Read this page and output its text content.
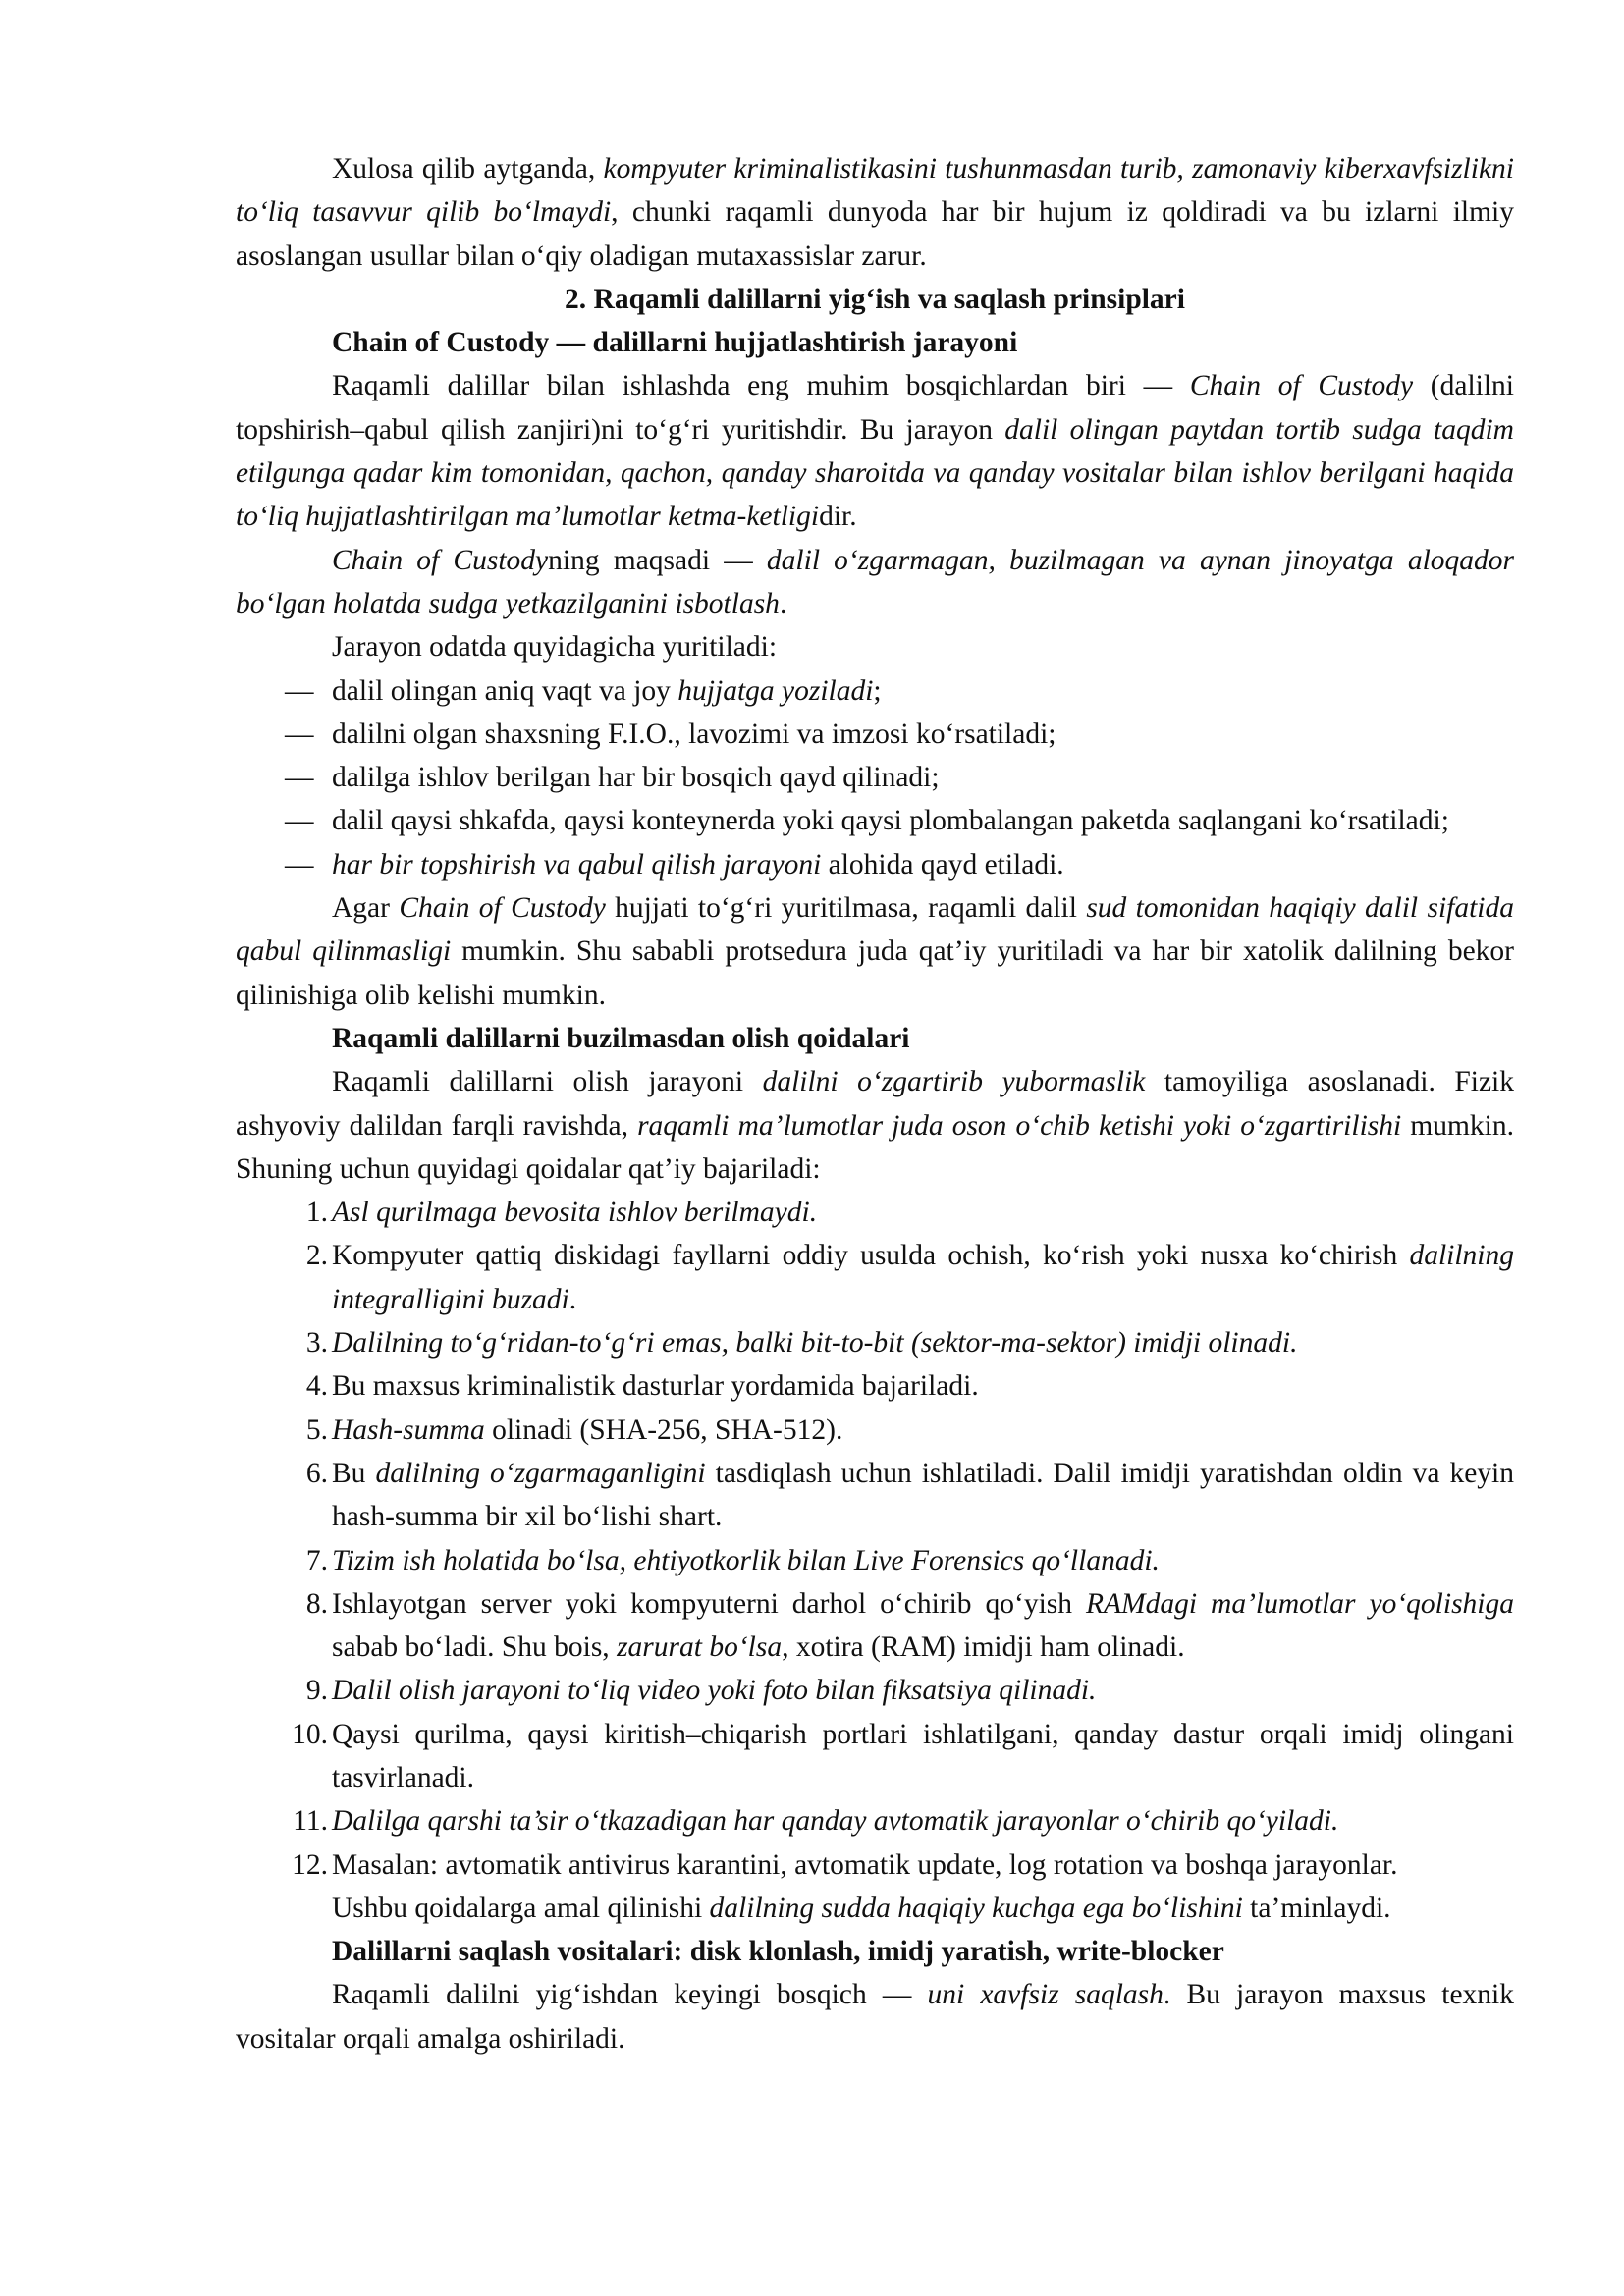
Xulosa qilib aytganda, kompyuter kriminalistikasini tushunmasdan turib, zamonaviy kiberxavfsizlikni to‘liq tasavvur qilib bo‘lmaydi, chunki raqamli dunyoda har bir hujum iz qoldiradi va bu izlarni ilmiy asoslangan usullar bilan o‘qiy oladigan mutaxassislar zarur.

2. Raqamli dalillarni yig‘ish va saqlash prinsiplari

Chain of Custody — dalillarni hujjatlashtirish jarayoni

Raqamli dalillar bilan ishlashda eng muhim bosqichlardan biri — Chain of Custody (dalilni topshirish–qabul qilish zanjiri)ni to‘g‘ri yuritishdir. Bu jarayon dalil olingan paytdan tortib sudga taqdim etilgunga qadar kim tomonidan, qachon, qanday sharoitda va qanday vositalar bilan ishlov berilgani haqida to‘liq hujjatlashtirilgan ma’lumotlar ketma-ketligidir.

Chain of Custodyning maqsadi — dalil o‘zgarmagan, buzilmagan va aynan jinoyatga aloqador bo‘lgan holatda sudga yetkazilganini isbotlash.

Jarayon odatda quyidagicha yuritiladi:

— dalil olingan aniq vaqt va joy hujjatga yoziladi;

— dalilni olgan shaxsning F.I.O., lavozimi va imzosi ko‘rsatiladi;

— dalilga ishlov berilgan har bir bosqich qayd qilinadi;

— dalil qaysi shkafda, qaysi konteynerda yoki qaysi plombalangan paketda saqlangani ko‘rsatiladi;

— har bir topshirish va qabul qilish jarayoni alohida qayd etiladi.

Agar Chain of Custody hujjati to‘g‘ri yuritilmasa, raqamli dalil sud tomonidan haqiqiy dalil sifatida qabul qilinmasligi mumkin. Shu sababli protsedura juda qat’iy yuritiladi va har bir xatolik dalilning bekor qilinishiga olib kelishi mumkin.

Raqamli dalillarni buzilmasdan olish qoidalari

Raqamli dalillarni olish jarayoni dalilni o‘zgartirib yubormaslik tamoyiliga asoslanadi. Fizik ashyoviy dalildan farqli ravishda, raqamli ma’lumotlar juda oson o‘chib ketishi yoki o‘zgartirilishi mumkin. Shuning uchun quyidagi qoidalar qat’iy bajariladi:

1. Asl qurilmaga bevosita ishlov berilmaydi.

2. Kompyuter qattiq diskidagi fayllarni oddiy usulda ochish, ko‘rish yoki nusxa ko‘chirish dalilning integralligini buzadi.

3. Dalilning to‘g‘ridan-to‘g‘ri emas, balki bit-to-bit (sektor-ma-sektor) imidji olinadi.

4. Bu maxsus kriminalistik dasturlar yordamida bajariladi.

5. Hash-summa olinadi (SHA-256, SHA-512).

6. Bu dalilning o‘zgarmaganligini tasdiqlash uchun ishlatiladi. Dalil imidji yaratishdan oldin va keyin hash-summa bir xil bo‘lishi shart.

7. Tizim ish holatida bo‘lsa, ehtiyotkorlik bilan Live Forensics qo‘llanadi.

8. Ishlayotgan server yoki kompyuterni darhol o‘chirib qo‘yish RAMdagi ma’lumotlar yo‘qolishiga sabab bo‘ladi. Shu bois, zarurat bo‘lsa, xotira (RAM) imidji ham olinadi.

9. Dalil olish jarayoni to‘liq video yoki foto bilan fiksatsiya qilinadi.

10. Qaysi qurilma, qaysi kiritish–chiqarish portlari ishlatilgani, qanday dastur orqali imidj olingani tasvirlanadi.

11. Dalilga qarshi ta’sir o‘tkazadigan har qanday avtomatik jarayonlar o‘chirib qo‘yiladi.

12. Masalan: avtomatik antivirus karantini, avtomatik update, log rotation va boshqa jarayonlar.

Ushbu qoidalarga amal qilinishi dalilning sudda haqiqiy kuchga ega bo‘lishini ta’minlaydi.

Dalillarni saqlash vositalari: disk klonlash, imidj yaratish, write-blocker

Raqamli dalilni yig‘ishdan keyingi bosqich — uni xavfsiz saqlash. Bu jarayon maxsus texnik vositalar orqali amalga oshiriladi.
